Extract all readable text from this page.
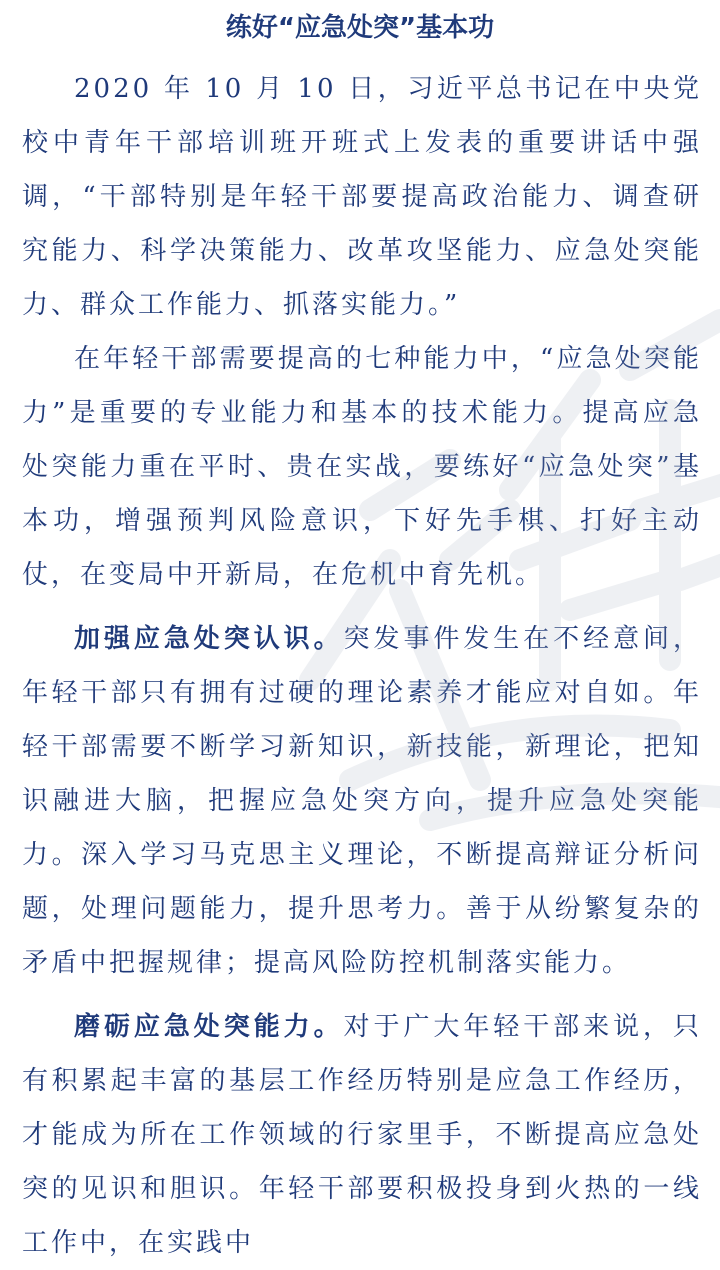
练好“应急处突”基本功

2020 年 10 月 10 日，习近平总书记在中央党校中青年干部培训班开班式上发表的重要讲话中强调，“干部特别是年轻干部要提高政治能力、调查研究能力、科学决策能力、改革攻坚能力、应急处突能力、群众工作能力、抓落实能力。”

在年轻干部需要提高的七种能力中，“应急处突能力”是重要的专业能力和基本的技术能力。提高应急处突能力重在平时、贵在实战，要练好“应急处突”基本功，增强预判风险意识，下好先手棋、打好主动仗，在变局中开新局，在危机中育先机。

加强应急处突认识。突发事件发生在不经意间，年轻干部只有拥有过硬的理论素养才能应对自如。年轻干部需要不断学习新知识，新技能，新理论，把知识融进大脑，把握应急处突方向，提升应急处突能力。深入学习马克思主义理论，不断提高辩证分析问题，处理问题能力，提升思考力。善于从纷繁复杂的矛盾中把握规律；提高风险防控机制落实能力。

磨砺应急处突能力。对于广大年轻干部来说，只有积累起丰富的基层工作经历特别是应急工作经历，才能成为所在工作领域的行家里手，不断提高应急处突的见识和胆识。年轻干部要积极投身到火热的一线工作中，在实践中
